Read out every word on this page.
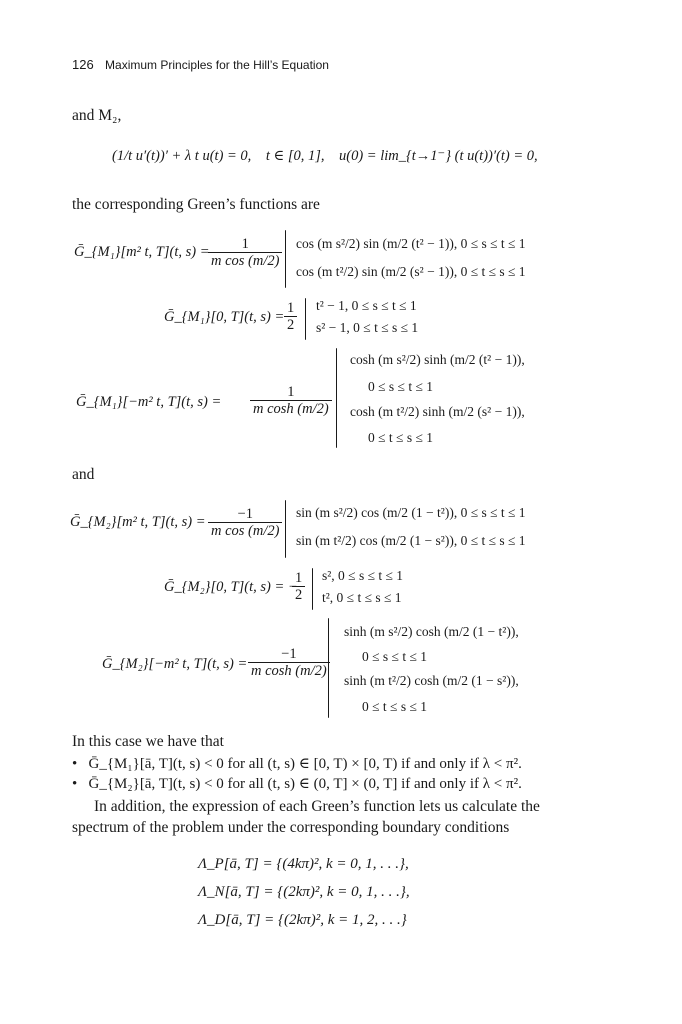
126 Maximum Principles for the Hill’s Equation
and M₂,
(1/t u′(t))′ + λ t u(t) = 0, t ∈ [0, 1], u(0) = lim_{t→1⁻} (t u(t))′(t) = 0,
the corresponding Green’s functions are
Ḡ_{M₁}[m² t, T](t, s) =
$\frac{1}{\text{m cos (m/2)}}$ cos (m s²/2) sin (m/2 (t² − 1)), 0 ≤ s ≤ t ≤ 1
cos (m t²/2) sin (m/2 (s² − 1)), 0 ≤ t ≤ s ≤ 1
Ḡ_{M₁}[0, T](t, $s) = \frac{1}{2} t^2 - 1$, 0 ≤ s ≤ t ≤ 1
s² − 1, 0 ≤ t ≤ s ≤ 1
Ḡ_{M₁}[−m² t, T](t, $s) = \frac{1}{\text{m cosh (m/2)}}$
cosh (m s²/2) sinh (m/2 (t² − 1)),
0 ≤ s ≤ t ≤ 1
cosh (m t²/2) sinh (m/2 (s² − 1)),
0 ≤ t ≤ s ≤ 1
and
Ḡ_{M₂}[m² t, T](t, $s) = \frac{-1}{\text{m cos (m/2)}}$ sin (m s²/2) cos (m/2 (1 − t²)), 0 ≤ s ≤ t ≤ 1
sin (m t²/2) cos (m/2 (1 − s²)), 0 ≤ t ≤ s ≤ 1
Ḡ_{M₂}[0, T](t, s) = −
$\frac{1}{2} s^2$, 0 ≤ s ≤ t ≤ 1
t², 0 ≤ t ≤ s ≤ 1
Ḡ_{M₂}[−m² t, T](t, $s) = \frac{-1}{\text{m cosh (m/2)}}$
sinh (m s²/2) cosh (m/2 (1 − t²)),
0 ≤ s ≤ t ≤ 1
sinh (m t²/2) cosh (m/2 (1 − s²)),
0 ≤ t ≤ s ≤ 1
In this case we have that
•   Ḡ_{M₁}[ā, T](t, s) < 0 for all (t, s) ∈ [0, T) × [0, T) if and only if λ < π².
•   Ḡ_{M₂}[ā, T](t, s) < 0 for all (t, s) ∈ (0, T] × (0, T] if and only if λ < π².
In addition, the expression of each Green’s function lets us calculate the
spectrum of the problem under the corresponding boundary conditions
Λ_P[ā, T] = {(4kπ)², k = 0, 1, . . .},
Λ_N[ā, T] = {(2kπ)², k = 0, 1, . . .},
Λ_D[ā, T] = {(2kπ)², k = 1, 2, . . .}
